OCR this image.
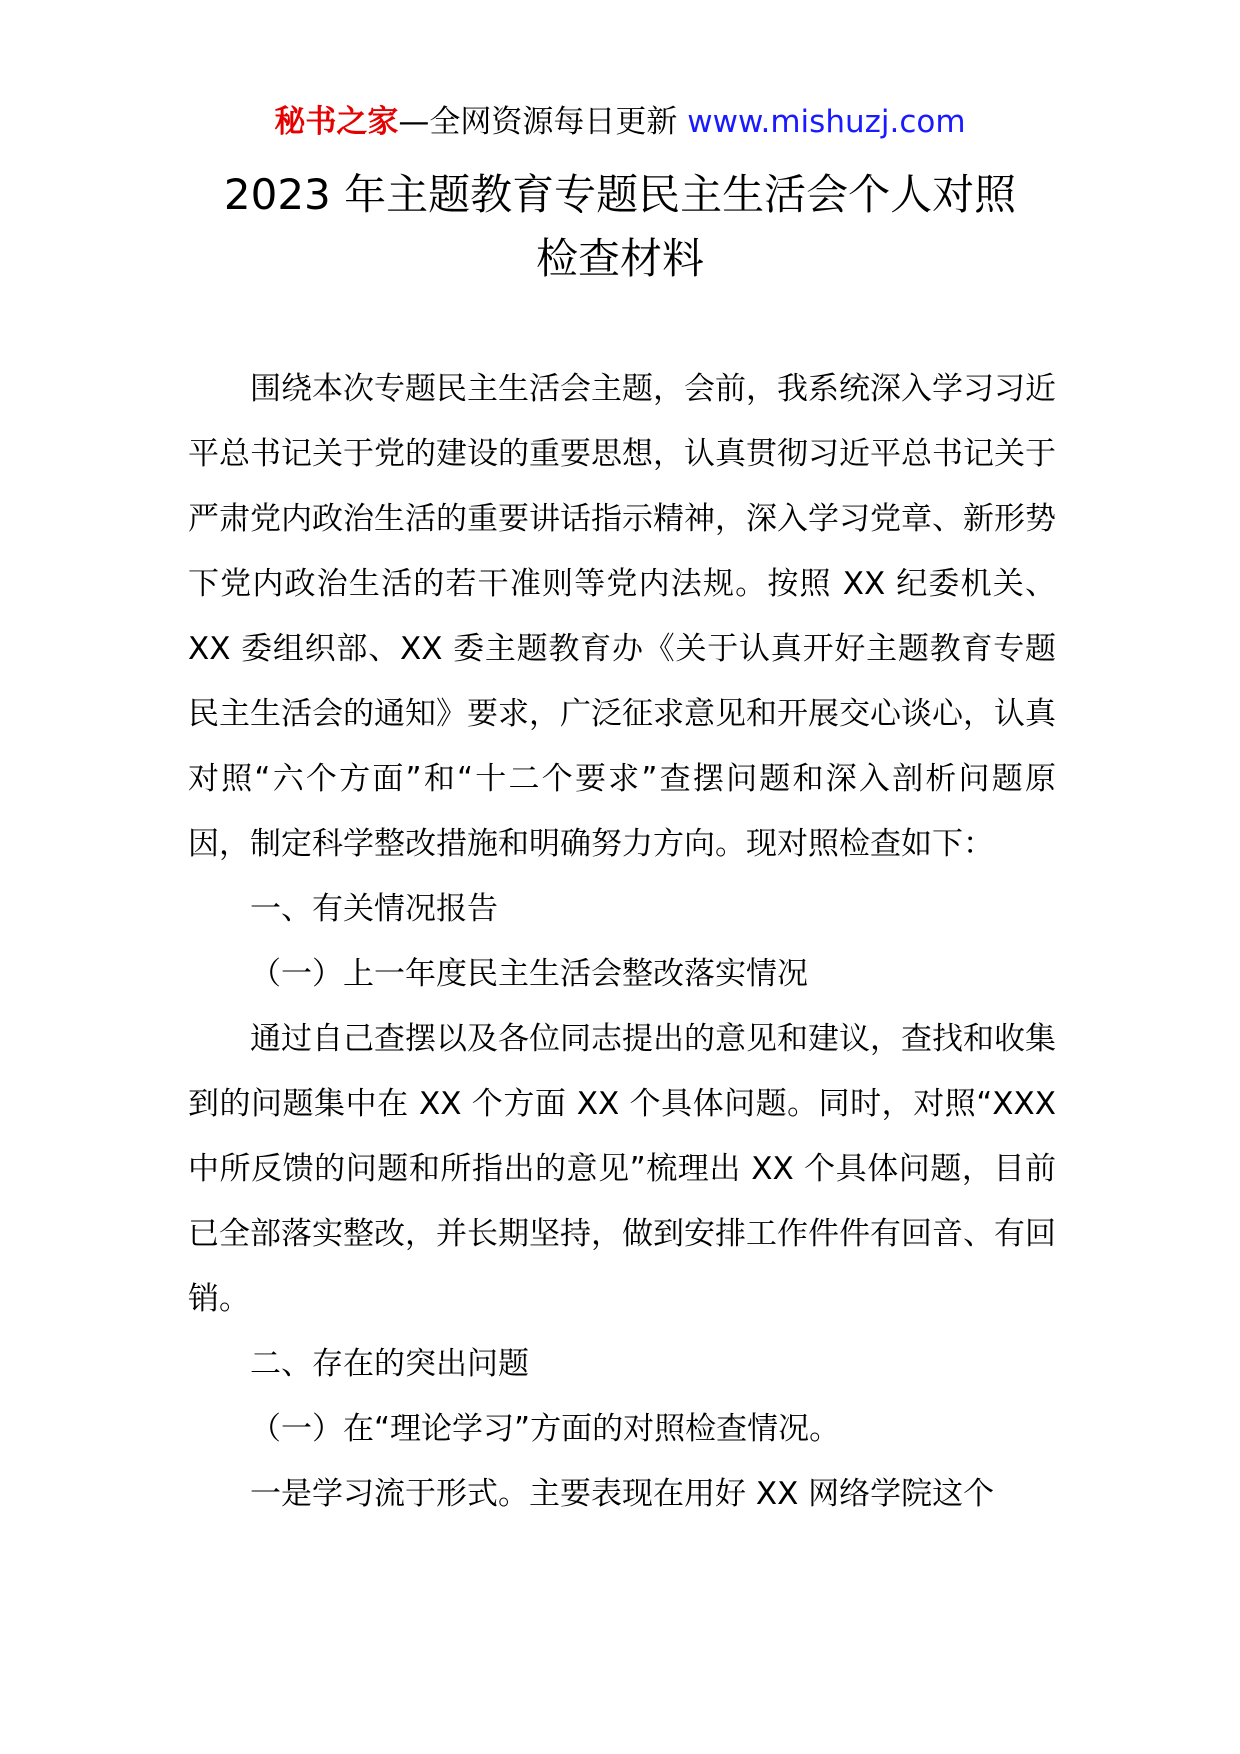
秘书之家—全网资源每日更新 www.mishuzj.com
2023 年主题教育专题民主生活会个人对照
检查材料

围绕本次专题民主生活会主题，会前，我系统深入学习习近平总书记关于党的建设的重要思想，认真贯彻习近平总书记关于严肃党内政治生活的重要讲话指示精神，深入学习党章、新形势下党内政治生活的若干准则等党内法规。按照 XX 纪委机关、XX 委组织部、XX 委主题教育办《关于认真开好主题教育专题民主生活会的通知》要求，广泛征求意见和开展交心谈心，认真对照“六个方面”和“十二个要求”查摆问题和深入剖析问题原因，制定科学整改措施和明确努力方向。现对照检查如下：

一、有关情况报告

（一）上一年度民主生活会整改落实情况

通过自己查摆以及各位同志提出的意见和建议，查找和收集到的问题集中在 XX 个方面 XX 个具体问题。同时，对照“XXX 中所反馈的问题和所指出的意见”梳理出 XX 个具体问题，目前已全部落实整改，并长期坚持，做到安排工作件件有回音、有回销。

二、存在的突出问题

（一）在“理论学习”方面的对照检查情况。

一是学习流于形式。主要表现在用好 XX 网络学院这个
